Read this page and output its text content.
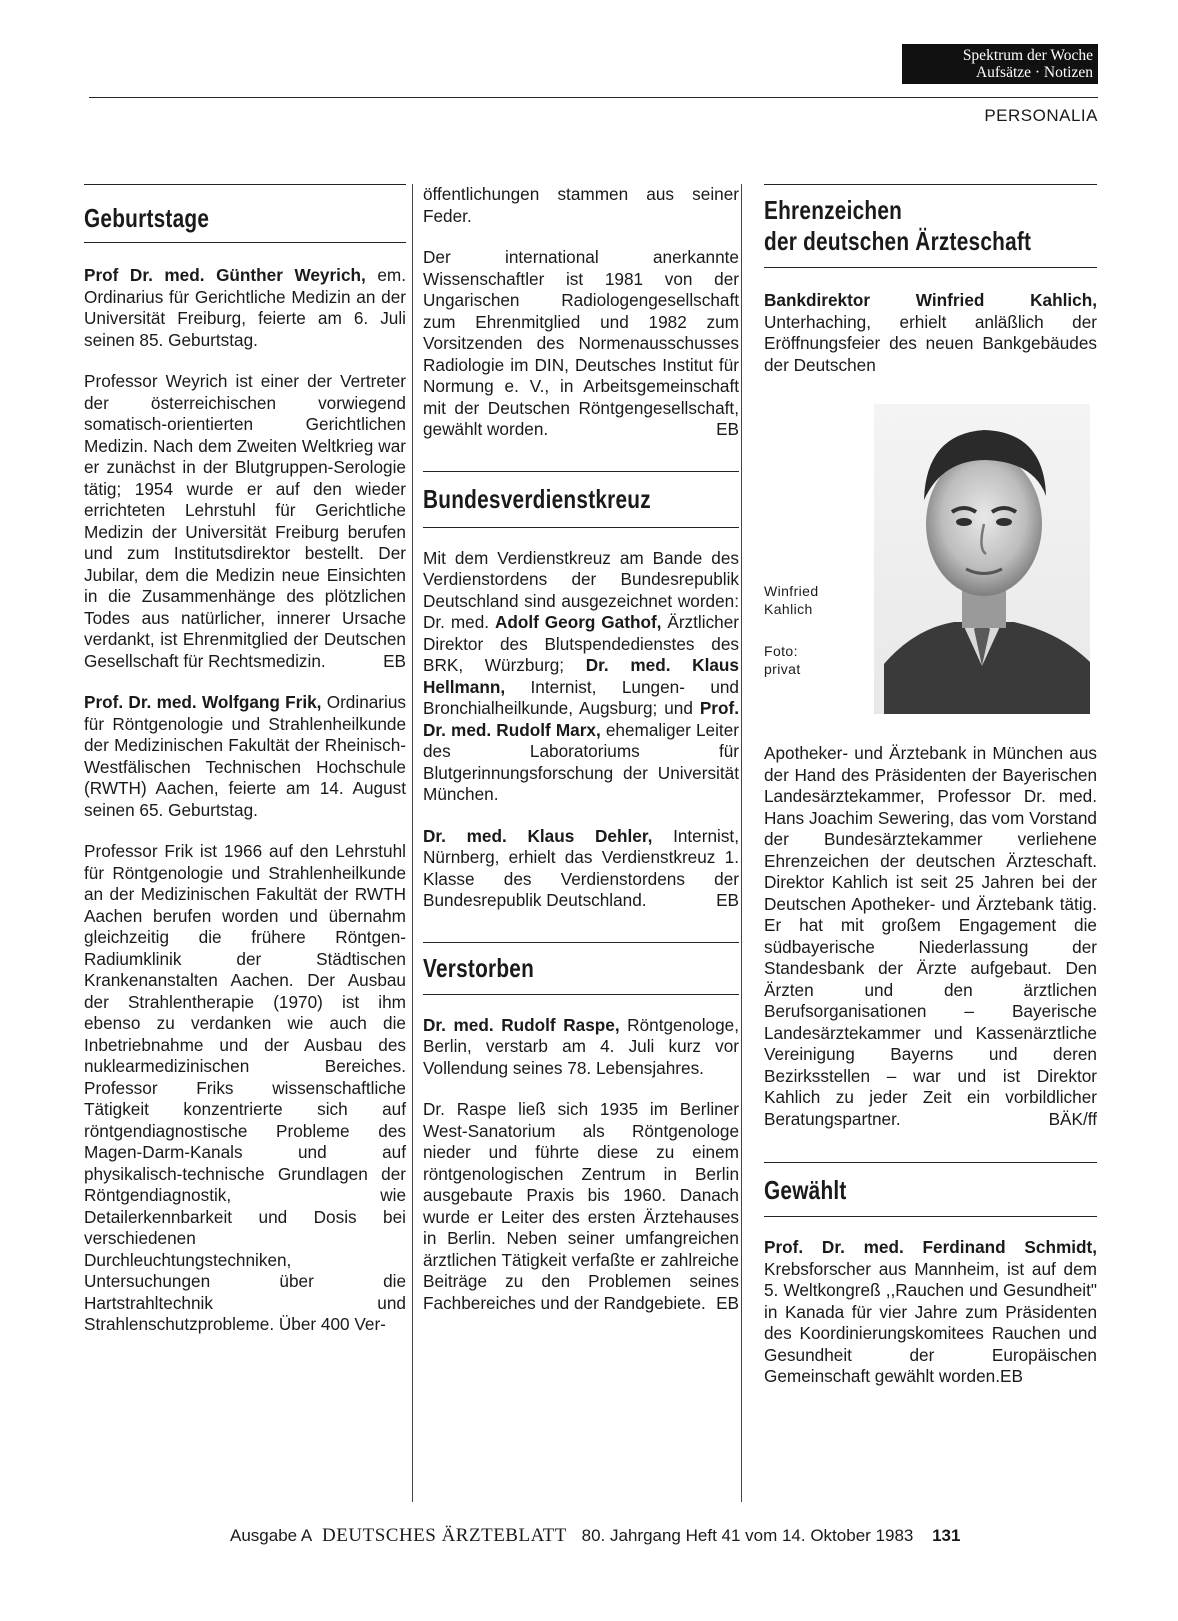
Spektrum der Woche
Aufsätze · Notizen
PERSONALIA
Geburtstage

Prof Dr. med. Günther Weyrich, em. Ordinarius für Gerichtliche Medizin an der Universität Freiburg, feierte am 6. Juli seinen 85. Geburtstag.

Professor Weyrich ist einer der Vertreter der österreichischen vorwiegend somatisch-orientierten Gerichtlichen Medizin. Nach dem Zweiten Weltkrieg war er zunächst in der Blutgruppen-Serologie tätig; 1954 wurde er auf den wieder errichteten Lehrstuhl für Gerichtliche Medizin der Universität Freiburg berufen und zum Institutsdirektor bestellt. Der Jubilar, dem die Medizin neue Einsichten in die Zusammenhänge des plötzlichen Todes aus natürlicher, innerer Ursache verdankt, ist Ehrenmitglied der Deutschen Gesellschaft für Rechtsmedizin.	EB

Prof. Dr. med. Wolfgang Frik, Ordinarius für Röntgenologie und Strahlenheilkunde der Medizinischen Fakultät der Rheinisch-Westfälischen Technischen Hochschule (RWTH) Aachen, feierte am 14. August seinen 65. Geburtstag.

Professor Frik ist 1966 auf den Lehrstuhl für Röntgenologie und Strahlenheilkunde an der Medizinischen Fakultät der RWTH Aachen berufen worden und übernahm gleichzeitig die frühere Röntgen-Radiumklinik der Städtischen Krankenanstalten Aachen. Der Ausbau der Strahlentherapie (1970) ist ihm ebenso zu verdanken wie auch die Inbetriebnahme und der Ausbau des nuklearmedizinischen Bereiches. Professor Friks wissenschaftliche Tätigkeit konzentrierte sich auf röntgendiagnostische Probleme des Magen-Darm-Kanals und auf physikalisch-technische Grundlagen der Röntgendiagnostik, wie Detailerkennbarkeit und Dosis bei verschiedenen Durchleuchtungstechniken, Untersuchungen über die Hartstrahltechnik und Strahlenschutzprobleme. Über 400 Ver-

öffentlichungen stammen aus seiner Feder.

Der international anerkannte Wissenschaftler ist 1981 von der Ungarischen Radiologengesellschaft zum Ehrenmitglied und 1982 zum Vorsitzenden des Normenausschusses Radiologie im DIN, Deutsches Institut für Normung e. V., in Arbeitsgemeinschaft mit der Deutschen Röntgengesellschaft, gewählt worden.	EB

Bundesverdienstkreuz

Mit dem Verdienstkreuz am Bande des Verdienstordens der Bundesrepublik Deutschland sind ausgezeichnet worden: Dr. med. Adolf Georg Gathof, Ärztlicher Direktor des Blutspendedienstes des BRK, Würzburg; Dr. med. Klaus Hellmann, Internist, Lungen- und Bronchialheilkunde, Augsburg; und Prof. Dr. med. Rudolf Marx, ehemaliger Leiter des Laboratoriums für Blutgerinnungsforschung der Universität München.

Dr. med. Klaus Dehler, Internist, Nürnberg, erhielt das Verdienstkreuz 1. Klasse des Verdienstordens der Bundesrepublik Deutschland.	EB

Verstorben

Dr. med. Rudolf Raspe, Röntgenologe, Berlin, verstarb am 4. Juli kurz vor Vollendung seines 78. Lebensjahres.

Dr. Raspe ließ sich 1935 im Berliner West-Sanatorium als Röntgenologe nieder und führte diese zu einem röntgenologischen Zentrum in Berlin ausgebaute Praxis bis 1960. Danach wurde er Leiter des ersten Ärztehauses in Berlin. Neben seiner umfangreichen ärztlichen Tätigkeit verfaßte er zahlreiche Beiträge zu den Problemen seines Fachbereiches und der Randgebiete. EB

Ehrenzeichen
der deutschen Ärzteschaft

Bankdirektor Winfried Kahlich, Unterhaching, erhielt anläßlich der Eröffnungsfeier des neuen Bankgebäudes der Deutschen

Winfried
Kahlich
Foto:
privat

Apotheker- und Ärztebank in München aus der Hand des Präsidenten der Bayerischen Landesärztekammer, Professor Dr. med. Hans Joachim Sewering, das vom Vorstand der Bundesärztekammer verliehene Ehrenzeichen der deutschen Ärzteschaft. Direktor Kahlich ist seit 25 Jahren bei der Deutschen Apotheker- und Ärztebank tätig. Er hat mit großem Engagement die südbayerische Niederlassung der Standesbank der Ärzte aufgebaut. Den Ärzten und den ärztlichen Berufsorganisationen – Bayerische Landesärztekammer und Kassenärztliche Vereinigung Bayerns und deren Bezirksstellen – war und ist Direktor Kahlich zu jeder Zeit ein vorbildlicher Beratungspartner.	BÄK/ff

Gewählt

Prof. Dr. med. Ferdinand Schmidt, Krebsforscher aus Mannheim, ist auf dem 5. Weltkongreß ,,Rauchen und Gesundheit" in Kanada für vier Jahre zum Präsidenten des Koordinierungskomitees Rauchen und Gesundheit der Europäischen Gemeinschaft gewählt worden.EB

Ausgabe A DEUTSCHES ÄRZTEBLATT 80. Jahrgang Heft 41 vom 14. Oktober 1983 131
